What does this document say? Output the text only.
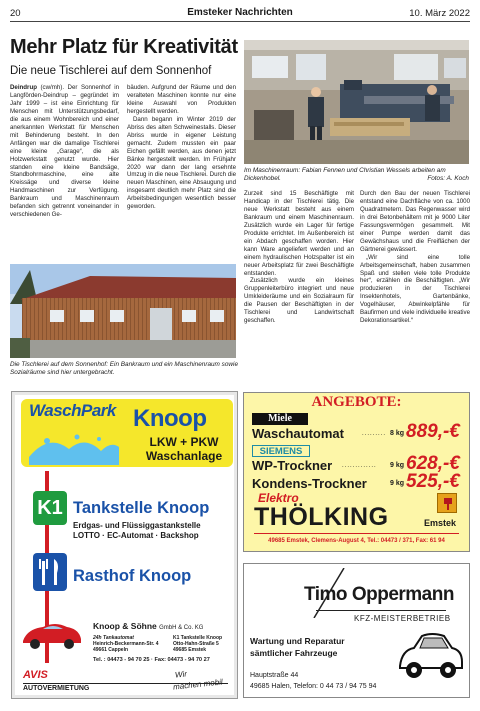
20	Emsteker Nachrichten	10. März 2022
Mehr Platz für Kreativität
Die neue Tischlerei auf dem Sonnenhof

Deindrup (cw/mh). Der Sonnenhof in Langförden-Deindrup – gegründet im Jahr 1999 – ist eine Einrichtung für Menschen mit Unterstützungsbedarf, die aus einem Wohnbereich und einer anerkannten Werkstatt für Menschen mit Behinderung besteht. In den Anfängen war die damalige Tischlerei eine kleine „Garage“, die als Holzwerkstatt genutzt wurde. Hier standen eine kleine Bandsäge, Standbohrmaschine, eine alte Kreissäge und diverse kleine Handmaschinen zur Verfügung. Bankraum und Maschinenraum befanden sich getrennt voneinander in verschiedenen Ge-

bäuden. Aufgrund der Räume und den veralteten Maschinen konnte nur eine kleine Auswahl von Produkten hergestellt werden.

Dann begann im Winter 2019 der Abriss des alten Schweinestalls. Dieser Abriss wurde in eigener Leistung gemacht. Zudem mussten ein paar Eichen gefällt werden, aus denen jetzt Bänke hergestellt werden. Im Frühjahr 2020 war dann der lang ersehnte Umzug in die neue Tischlerei. Durch die neuen Maschinen, eine Absaugung und insgesamt deutlich mehr Platz sind die Arbeitsbedingungen wesentlich besser geworden.

Im Maschinenraum: Fabian Fennen und Christian Wessels arbeiten am Dickenhobel.	Fotos: A. Koch

Zurzeit sind 15 Beschäftigte mit Handicap in der Tischlerei tätig. Die neue Werkstatt besteht aus einem Bankraum und einem Maschinenraum. Zusätzlich wurde ein Lager für fertige Produkte errichtet. Im Außenbereich ist ein Abdach geschaffen worden. Hier kann Ware angeliefert werden und an einem hydraulischen Holzspalter ist ein neuer Arbeitsplatz für zwei Beschäftigte entstanden.

Zusätzlich wurde ein kleines Gruppenleiterbüro integriert und neue Umkleideräume und ein Sozialraum für die Pausen der Beschäftigten in der Tischlerei und Landwirtschaft geschaffen.

Durch den Bau der neuen Tischlerei entstand eine Dachfläche von ca. 1000 Quadratmetern. Das Regenwasser wird in drei Betonbehältern mit je 9000 Liter Fassungsvermögen gesammelt. Mit einer Pumpe werden damit das Gewächshaus und die Freiflächen der Gärtnerei gewässert.

„Wir sind eine tolle Arbeitsgemeinschaft, haben zusammen Spaß und stellen viele tolle Produkte her“, erzählen die Beschäftigten. „Wir produzieren in der Tischlerei Insektenhotels, Gartenbänke, Vogelhäuser, Abwinkelpfähle für Baufirmen und viele individuelle kreative Dekorationsartikel.“

Die Tischlerei auf dem Sonnenhof: Ein Bankraum und ein Maschinenraum sowie Sozialräume sind hier untergebracht.
WaschPark Knoop
LKW + PKW
Waschanlage
K1 Tankstelle Knoop
Erdgas- und Flüssiggastankstelle
LOTTO · EC-Automat · Backshop
Rasthof Knoop
Knoop & Söhne GmbH & Co. KG
24h Tankautomat
Heinrich-Beckermann-Str. 4
49661 Cappeln
K1 Tankstelle Knoop
Otto-Hahn-Straße 5
49685 Emstek
Tel. : 04473 - 94 70 25 · Fax: 04473 - 94 70 27
AVIS
AUTOVERMIETUNG
Wir
machen mobil
ANGEBOTE:
Miele
Waschautomat	......... 8 kg 889,-€
SIEMENS
WP-Trockner ............. 9 kg 628,-€
Kondens-Trockner	9 kg 525,-€
Elektro
THÖLKING	Emstek
49685 Emstek, Clemens-August 4, Tel.: 04473 / 371, Fax: 61 94
Timo Oppermann
KFZ-MEISTERBETRIEB
Wartung und Reparatur
sämtlicher Fahrzeuge
Hauptstraße 44
49685 Halen, Telefon: 0 44 73 / 94 75 94
